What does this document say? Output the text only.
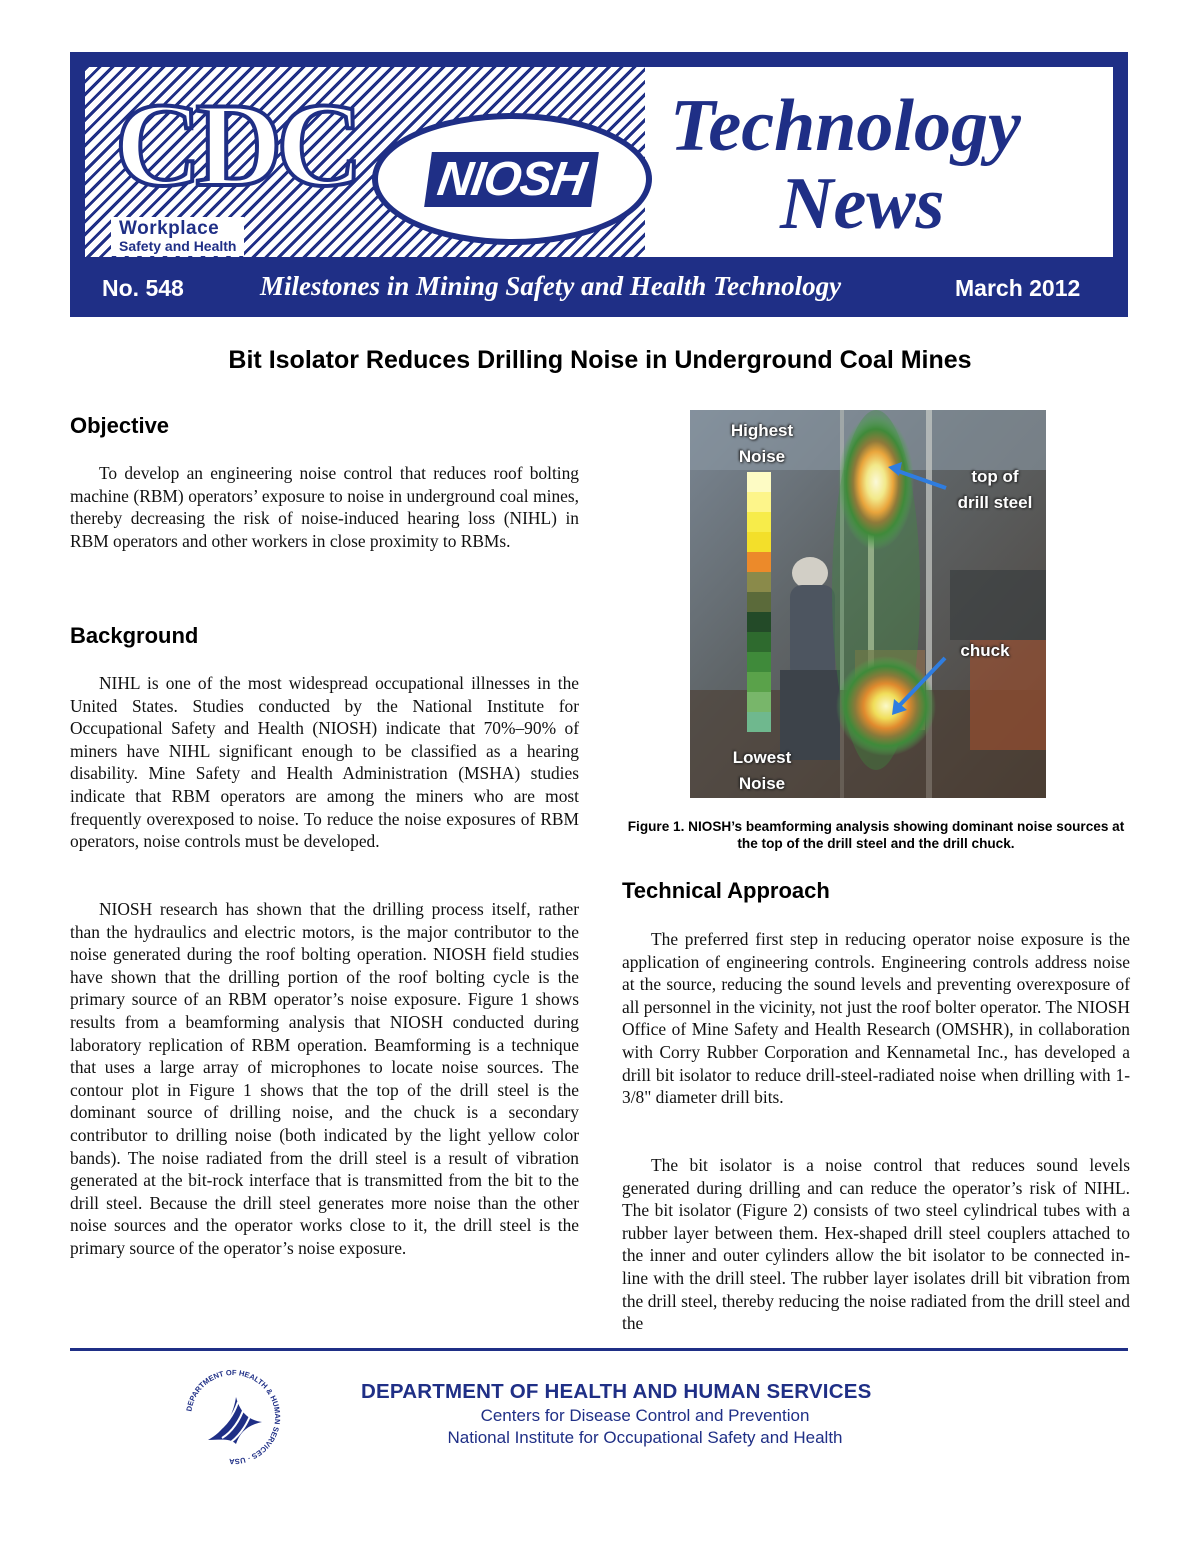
CDC
Workplace
Safety and Health
NIOSH
Technology
News
No. 548	Milestones in Mining Safety and Health Technology	March 2012
Bit Isolator Reduces Drilling Noise in Underground Coal Mines
Objective

To develop an engineering noise control that reduces roof bolting machine (RBM) operators’ exposure to noise in underground coal mines, thereby decreasing the risk of noise-induced hearing loss (NIHL) in RBM operators and other workers in close proximity to RBMs.

Background

NIHL is one of the most widespread occupational illnesses in the United States. Studies conducted by the National Institute for Occupational Safety and Health (NIOSH) indicate that 70%–90% of miners have NIHL significant enough to be classified as a hearing disability. Mine Safety and Health Administration (MSHA) studies indicate that RBM operators are among the miners who are most frequently overexposed to noise. To reduce the noise exposures of RBM operators, noise controls must be developed.

NIOSH research has shown that the drilling process itself, rather than the hydraulics and electric motors, is the major contributor to the noise generated during the roof bolting operation. NIOSH field studies have shown that the drilling portion of the roof bolting cycle is the primary source of an RBM operator’s noise exposure. Figure 1 shows results from a beamforming analysis that NIOSH conducted during laboratory replication of RBM operation. Beamforming is a technique that uses a large array of microphones to locate noise sources. The contour plot in Figure 1 shows that the top of the drill steel is the dominant source of drilling noise, and the chuck is a secondary contributor to drilling noise (both indicated by the light yellow color bands). The noise radiated from the drill steel is a result of vibration generated at the bit-rock interface that is transmitted from the bit to the drill steel. Because the drill steel generates more noise than the other noise sources and the operator works close to it, the drill steel is the primary source of the operator’s noise exposure.

Highest
Noise
Lowest
Noise
top of
drill steel
chuck
Figure 1. NIOSH’s beamforming analysis showing dominant noise sources at the top of the drill steel and the drill chuck.
Technical Approach

The preferred first step in reducing operator noise exposure is the application of engineering controls. Engineering controls address noise at the source, reducing the sound levels and preventing overexposure of all personnel in the vicinity, not just the roof bolter operator. The NIOSH Office of Mine Safety and Health Research (OMSHR), in collaboration with Corry Rubber Corporation and Kennametal Inc., has developed a drill bit isolator to reduce drill-steel-radiated noise when drilling with 1-3/8" diameter drill bits.

The bit isolator is a noise control that reduces sound levels generated during drilling and can reduce the operator’s risk of NIHL. The bit isolator (Figure 2) consists of two steel cylindrical tubes with a rubber layer between them. Hex-shaped drill steel couplers attached to the inner and outer cylinders allow the bit isolator to be connected in-line with the drill steel. The rubber layer isolates drill bit vibration from the drill steel, thereby reducing the noise radiated from the drill steel and the

DEPARTMENT OF HEALTH & HUMAN SERVICES · USA
DEPARTMENT OF HEALTH AND HUMAN SERVICES
Centers for Disease Control and Prevention
National Institute for Occupational Safety and Health
